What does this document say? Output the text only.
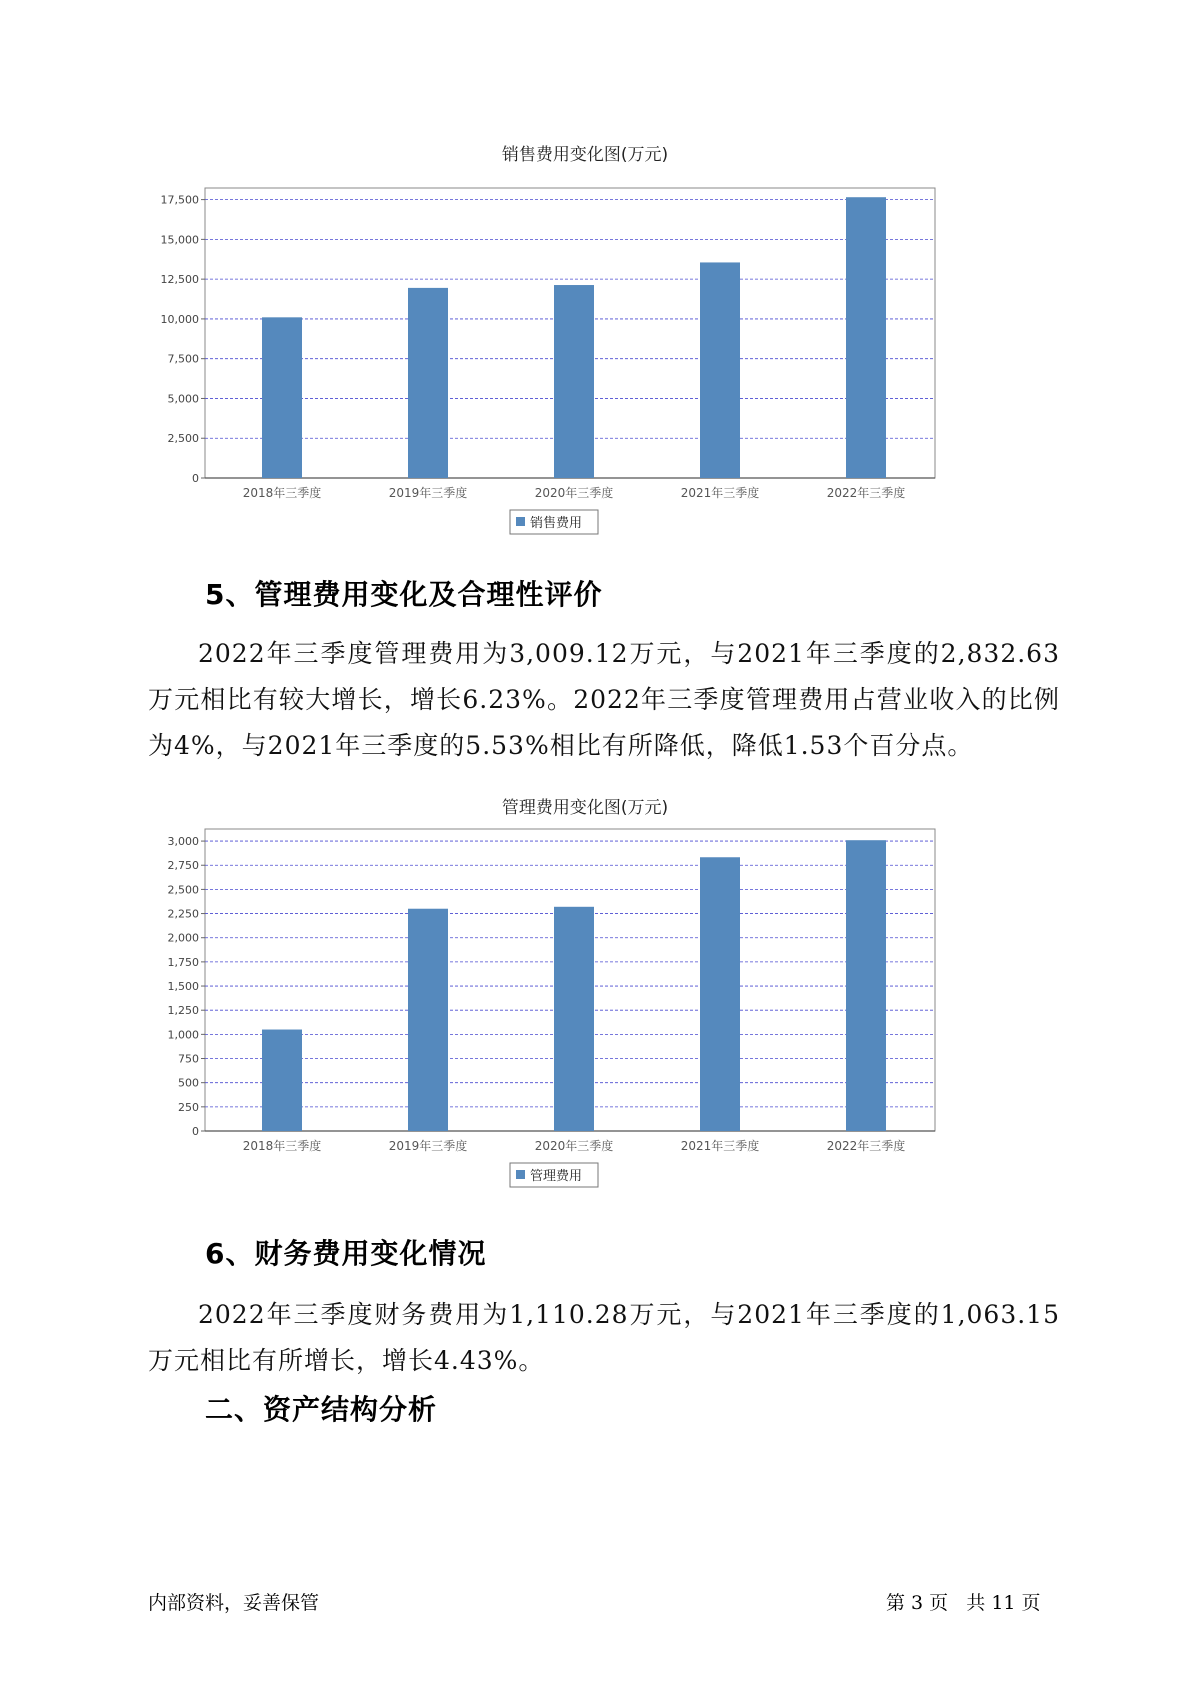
销售费用变化图(万元)
0
2,500
5,000
7,500
10,000
12,500
15,000
17,500
2018年三季度	2019年三季度	2020年三季度	2021年三季度	2022年三季度
销售费用
5、管理费用变化及合理性评价

2022年三季度管理费用为3,009.12万元，与2021年三季度的2,832.63万元相比有较大增长，增长6.23%。2022年三季度管理费用占营业收入的比例为4%，与2021年三季度的5.53%相比有所降低，降低1.53个百分点。

管理费用变化图(万元)
0
250
500
750
1,000
1,250
1,500
1,750
2,000
2,250
2,500
2,750
3,000
2018年三季度	2019年三季度	2020年三季度	2021年三季度	2022年三季度
管理费用
6、财务费用变化情况

2022年三季度财务费用为1,110.28万元，与2021年三季度的1,063.15万元相比有所增长，增长4.43%。

二、资产结构分析
内部资料，妥善保管	第 3 页   共 11 页
